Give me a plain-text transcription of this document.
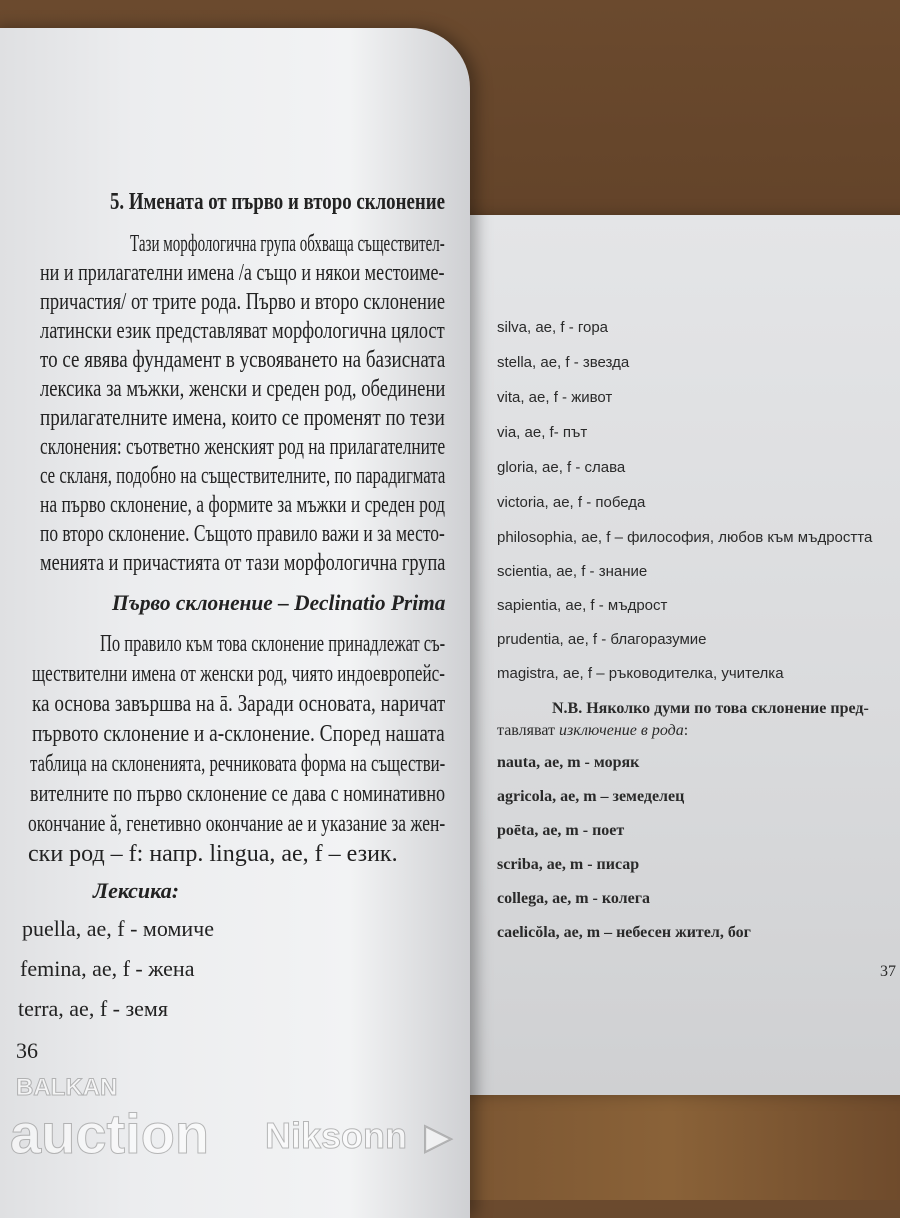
silva, ae, f - гора
stella, ae, f - звезда
vita, ae, f - живот
via, ae, f- път
gloria, ae, f - слава
victoria, ae, f - победа
philosophia, ae, f – философия, любов към мъдростта
scientia, ae, f - знание
sapientia, ae, f - мъдрост
prudentia, ae, f - благоразумие
magistra, ae, f – ръководителка, учителка
N.B. Няколко думи по това склонение пред-
тавляват изключение в рода:
nauta, ae, m - моряк
agricola, ae, m – земеделец
poēta, ae, m - поет
scriba, ae, m - писар
collega, ae, m - колега
caelicŏla, ae, m – небесен жител, бог
37
5. Имената от първо и второ склонение
Тази морфологична група обхваща съществител-
ни и прилагателни имена /а също и някои местоиме-
причастия/ от трите рода. Първо и второ склонение
латински език представляват морфологична цялост
то се явява фундамент в усвояването на базисната
лексика за мъжки, женски и среден род, обединени
прилагателните имена, които се променят по тези
склонения: съответно женският род на прилагателните
се скланя, подобно на съществителните, по парадигмата
на първо склонение, а формите за мъжки и среден род
по второ склонение. Същото правило важи и за место-
менията и причастията от тази морфологична група
Първо склонение – Declinatio Prima
По правило към това склонение принадлежат съ-
ществителни имена от женски род, чиято индоевропейс-
ка основа завършва на ā. Заради основата, наричат
първото склонение и а-склонение. Според нашата
таблица на склоненията, речниковата форма на съществи-
вителните по първо склонение се дава с номинативно
окончание ă, генетивно окончание ae и указание за жен-
ски род – f: напр. lingua, ae, f – език.
Лексика:
puella, ae, f - момиче
femina, ae, f - жена
terra, ae, f - земя
36
BALKAN
auction Niksonn ▶
